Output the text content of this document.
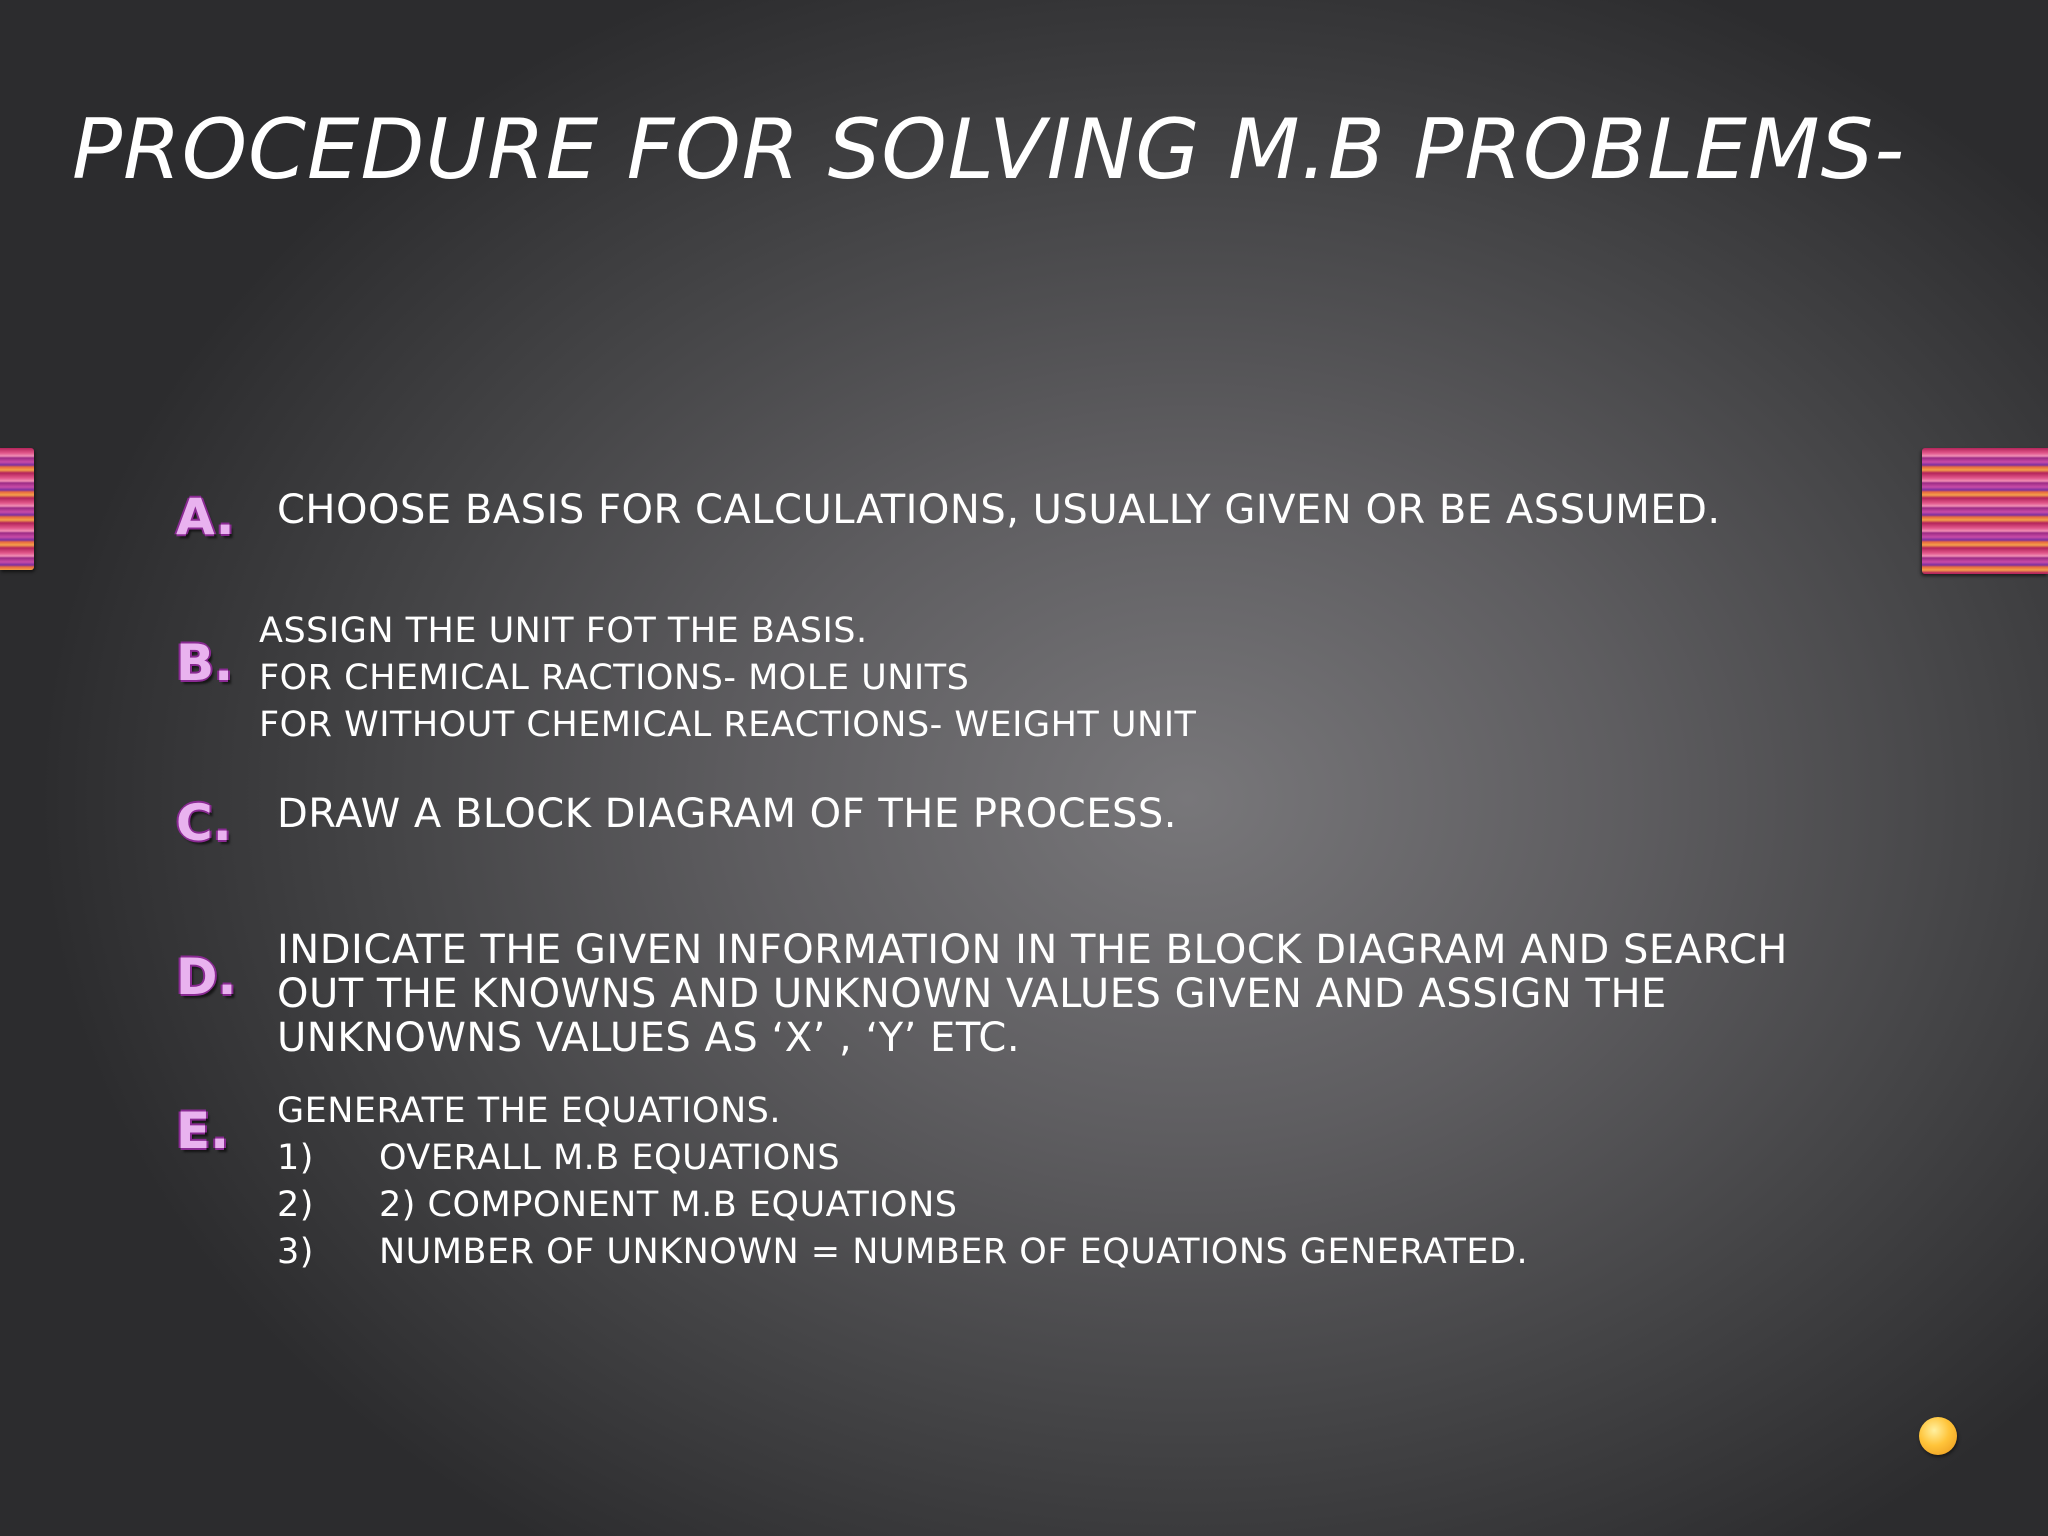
PROCEDURE FOR SOLVING M.B PROBLEMS-
A. CHOOSE BASIS FOR CALCULATIONS, USUALLY GIVEN OR BE ASSUMED.
B.
ASSIGN THE UNIT FOT THE BASIS.
FOR CHEMICAL RACTIONS- MOLE UNITS
FOR WITHOUT CHEMICAL REACTIONS- WEIGHT UNIT
C. DRAW A BLOCK DIAGRAM OF THE PROCESS.
D. INDICATE THE GIVEN INFORMATION IN THE BLOCK DIAGRAM AND SEARCH
OUT THE KNOWNS AND UNKNOWN VALUES GIVEN AND ASSIGN THE
UNKNOWNS VALUES AS ‘X’ , ‘Y’ ETC.
E. GENERATE THE EQUATIONS.
1) OVERALL M.B EQUATIONS
2) 2) COMPONENT M.B EQUATIONS
3) NUMBER OF UNKNOWN = NUMBER OF EQUATIONS GENERATED.
